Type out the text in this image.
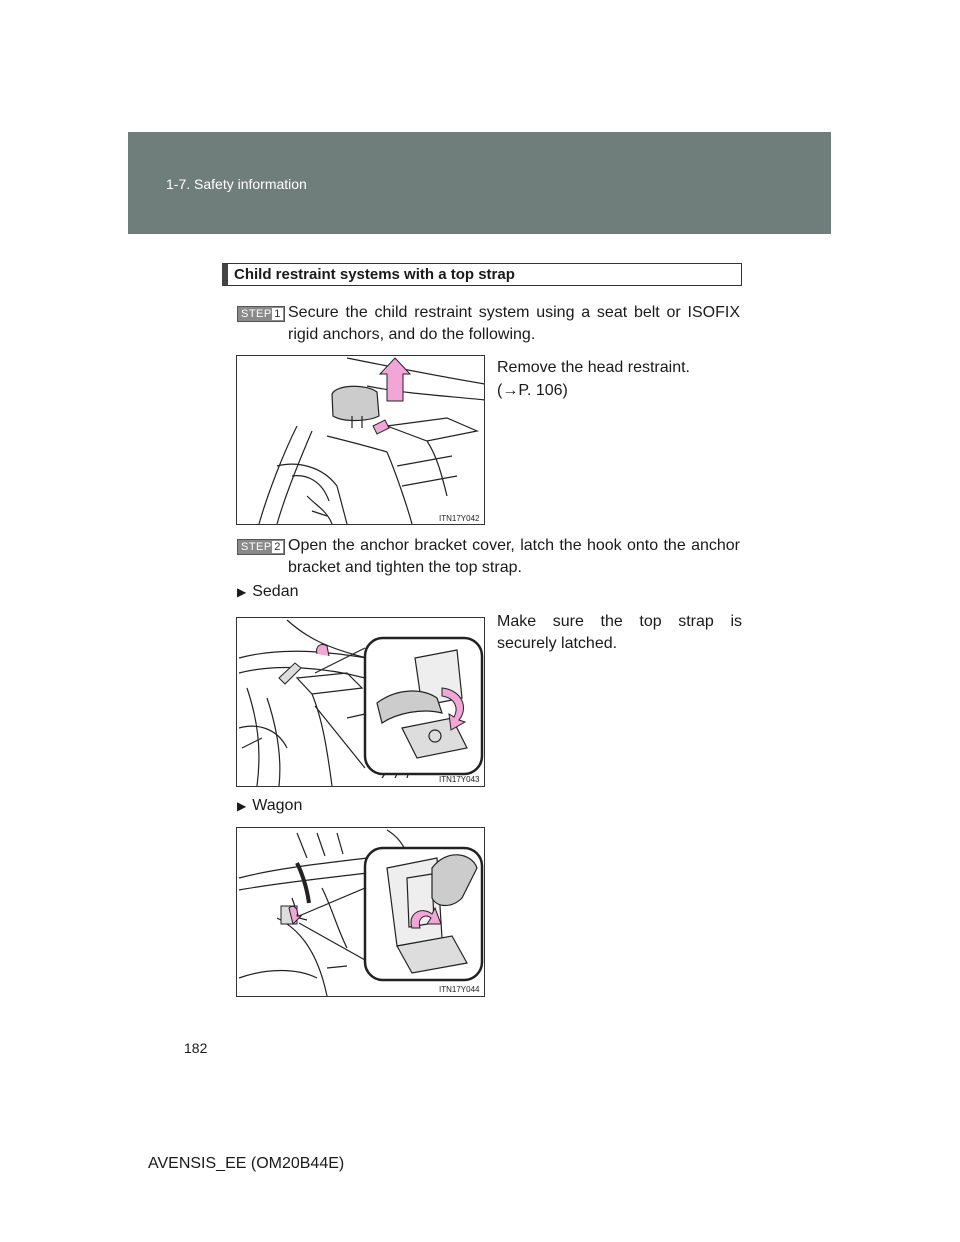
1-7. Safety information
Child restraint systems with a top strap
STEP 1 Secure the child restraint system using a seat belt or ISOFIX rigid anchors, and do the following.
ITN17Y042
Remove the head restraint.
(→P. 106)
STEP 2 Open the anchor bracket cover, latch the hook onto the anchor bracket and tighten the top strap.
▶ Sedan
ITN17Y043
Make sure the top strap is securely latched.
▶ Wagon
ITN17Y044
182
AVENSIS_EE (OM20B44E)
